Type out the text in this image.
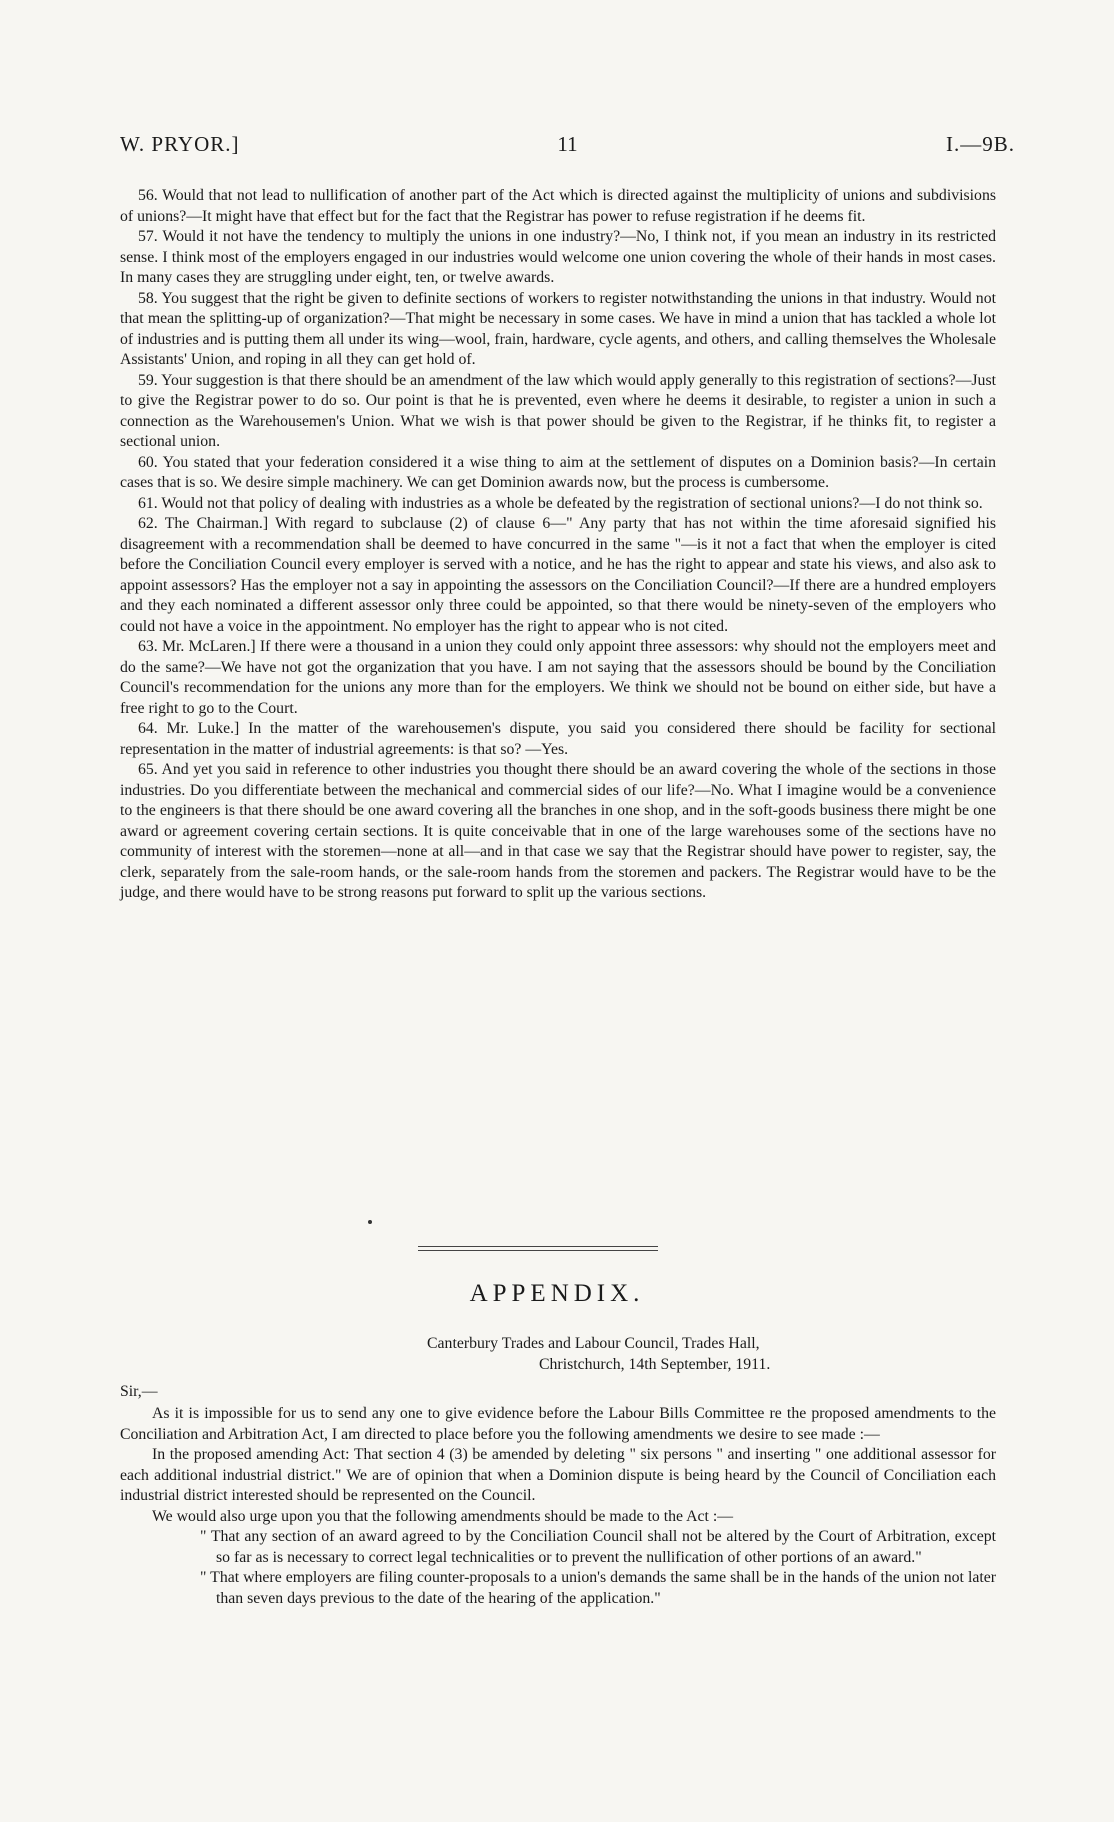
W. PRYOR.]	11	I.—9B.

56. Would that not lead to nullification of another part of the Act which is directed against the multiplicity of unions and subdivisions of unions?—It might have that effect but for the fact that the Registrar has power to refuse registration if he deems fit.

57. Would it not have the tendency to multiply the unions in one industry?—No, I think not, if you mean an industry in its restricted sense. I think most of the employers engaged in our industries would welcome one union covering the whole of their hands in most cases. In many cases they are struggling under eight, ten, or twelve awards.

58. You suggest that the right be given to definite sections of workers to register notwithstanding the unions in that industry. Would not that mean the splitting-up of organization?—That might be necessary in some cases. We have in mind a union that has tackled a whole lot of industries and is putting them all under its wing—wool, frain, hardware, cycle agents, and others, and calling themselves the Wholesale Assistants' Union, and roping in all they can get hold of.

59. Your suggestion is that there should be an amendment of the law which would apply generally to this registration of sections?—Just to give the Registrar power to do so. Our point is that he is prevented, even where he deems it desirable, to register a union in such a connection as the Warehousemen's Union. What we wish is that power should be given to the Registrar, if he thinks fit, to register a sectional union.

60. You stated that your federation considered it a wise thing to aim at the settlement of disputes on a Dominion basis?—In certain cases that is so. We desire simple machinery. We can get Dominion awards now, but the process is cumbersome.

61. Would not that policy of dealing with industries as a whole be defeated by the registration of sectional unions?—I do not think so.

62. The Chairman.] With regard to subclause (2) of clause 6—" Any party that has not within the time aforesaid signified his disagreement with a recommendation shall be deemed to have concurred in the same "—is it not a fact that when the employer is cited before the Conciliation Council every employer is served with a notice, and he has the right to appear and state his views, and also ask to appoint assessors? Has the employer not a say in appointing the assessors on the Conciliation Council?—If there are a hundred employers and they each nominated a different assessor only three could be appointed, so that there would be ninety-seven of the employers who could not have a voice in the appointment. No employer has the right to appear who is not cited.

63. Mr. McLaren.] If there were a thousand in a union they could only appoint three assessors: why should not the employers meet and do the same?—We have not got the organization that you have. I am not saying that the assessors should be bound by the Conciliation Council's recommendation for the unions any more than for the employers. We think we should not be bound on either side, but have a free right to go to the Court.

64. Mr. Luke.] In the matter of the warehousemen's dispute, you said you considered there should be facility for sectional representation in the matter of industrial agreements: is that so? —Yes.

65. And yet you said in reference to other industries you thought there should be an award covering the whole of the sections in those industries. Do you differentiate between the mechanical and commercial sides of our life?—No. What I imagine would be a convenience to the engineers is that there should be one award covering all the branches in one shop, and in the soft-goods business there might be one award or agreement covering certain sections. It is quite conceivable that in one of the large warehouses some of the sections have no community of interest with the storemen—none at all—and in that case we say that the Registrar should have power to register, say, the clerk, separately from the sale-room hands, or the sale-room hands from the storemen and packers. The Registrar would have to be the judge, and there would have to be strong reasons put forward to split up the various sections.

APPENDIX.
Canterbury Trades and Labour Council, Trades Hall,
Christchurch, 14th September, 1911.
Sir,—

As it is impossible for us to send any one to give evidence before the Labour Bills Committee re the proposed amendments to the Conciliation and Arbitration Act, I am directed to place before you the following amendments we desire to see made :—

In the proposed amending Act: That section 4 (3) be amended by deleting " six persons " and inserting " one additional assessor for each additional industrial district." We are of opinion that when a Dominion dispute is being heard by the Council of Conciliation each industrial district interested should be represented on the Council.

We would also urge upon you that the following amendments should be made to the Act :—

" That any section of an award agreed to by the Conciliation Council shall not be altered by the Court of Arbitration, except so far as is necessary to correct legal technicalities or to prevent the nullification of other portions of an award."

" That where employers are filing counter-proposals to a union's demands the same shall be in the hands of the union not later than seven days previous to the date of the hearing of the application."
